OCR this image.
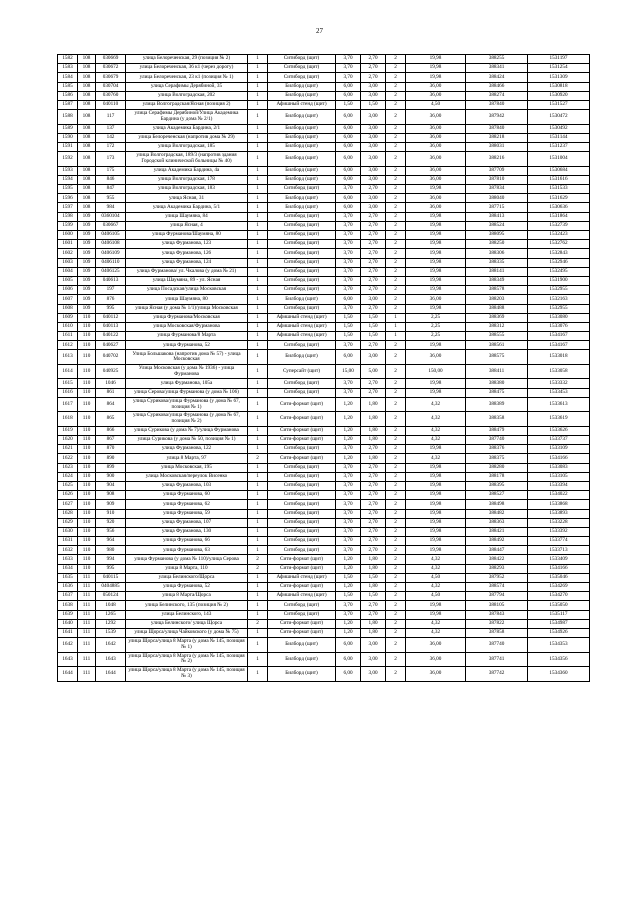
27
1582	108	030669	улица Белореченская, 29 (позиция № 2)	1	Ситиборд (щит)	3,70	2,70	2	19,98	388255	1531197
1583	108	030672	улица Белореченская, 36 к1 (через дорогу)	1	Ситиборд (щит)	3,70	2,70	2	19,98	388341	1531254
1584	108	030679	улица Белореченская, 23 к1 (позиция № 1)	1	Ситиборд (щит)	3,70	2,70	2	19,98	388424	1531309
1585	108	030704	улица Серафимы Дерябиной, 35	1	Билборд (щит)	6,00	3,00	2	36,00	388466	1530818
1586	108	030760	улица Волгоградская, 202	1	Билборд (щит)	6,00	3,00	2	36,00	388274	1530920
1587	108	040110	улица Волгоградская/Ясная (позиция 2)	1	Афишный стенд (щит)	1,50	1,50	2	4,50	387840	1531527
1588	108	117	улица Серафимы Дерябиной/Улица Академика Бардина (у дома № 2/1)	1	Билборд (щит)	6,00	3,00	2	36,00	387942	1530472
1589	108	137	улица Академика Бардина, 2/1	1	Билборд (щит)	6,00	3,00	2	36,00	387840	1530492
1590	108	142	улица Белореченская (напротив дома № 29)	1	Билборд (щит)	6,00	3,00	2	36,00	388218	1531144
1591	108	172	улица Волгоградская, 185	1	Билборд (щит)	6,00	3,00	2	36,00	388031	1531237
1592	108	173	улица Волгоградская, 189/3 (напротив здания Городской клинической больницы № 40)	1	Билборд (щит)	6,00	3,00	2	36,00	388216	1531004
1593	108	175	улица Академика Бардина, 4а	1	Билборд (щит)	6,00	3,00	2	36,00	387709	1530684
1594	108	846	улица Волгоградская, 178	1	Билборд (щит)	6,00	3,00	2	36,00	387810	1531616
1595	108	847	улица Волгоградская, 183	1	Ситиборд (щит)	3,70	2,70	2	19,98	387834	1531533
1596	108	955	улица Ясная, 31	1	Билборд (щит)	6,00	3,00	2	36,00	388040	1531629
1597	108	984	улица Академика Бардина, 5/1	1	Билборд (щит)	6,00	3,00	2	36,00	387715	1530636
1598	109	0360104	улица Шаумяна, 84	1	Ситиборд (щит)	3,70	2,70	2	19,98	388413	1531864
1599	109	030667	улица Ясная, 4	1	Ситиборд (щит)	3,70	2,70	2	19,98	388524	1532739
1600	109	0406105	улица Фурманова/Шаумяна, 80	1	Ситиборд (щит)	3,70	2,70	2	19,98	388095	1532423
1601	109	0406108	улица Фурманова, 123	1	Ситиборд (щит)	3,70	2,70	2	19,98	388250	1532762
1602	109	0406109	улица Фурманова, 126	1	Ситиборд (щит)	3,70	2,70	2	19,98	388306	1532843
1603	109	0406110	улица Фурманова, 124	1	Ситиборд (щит)	3,70	2,70	2	19,98	388335	1532946
1604	109	0406125	улица Фурманова/ ул. Чкалова (у дома № 21)	1	Ситиборд (щит)	3,70	2,70	2	19,98	388141	1532495
1605	109	040613	улица Шаумяна, 89 - ул. Ясная	1	Ситиборд (щит)	3,70	2,70	2	19,98	388349	1531900
1606	109	197	улица Посадская/улица Московская	1	Ситиборд (щит)	3,70	2,70	2	19,98	388578	1532955
1607	109	876	улица Шаумяна, 80	1	Билборд (щит)	6,00	3,00	2	36,00	388203	1532163
1608	109	995	улица Ясная (у дома № 1/1)/улица Московская	1	Ситиборд (щит)	3,70	2,70	2	19,98	388488	1532955
1609	110	040112	улица Фурманова/Московская	1	Афишный стенд (щит)	1,50	1,50	1	2,25	388369	1533080
1610	110	040113	улица Московская/Фурманова	1	Афишный стенд (щит)	1,50	1,50	1	2,25	388312	1533076
1611	110	040122	улица Фурманова/8 Марта	1	Афишный стенд (щит)	1,50	1,50	1	2,25	388555	1534167
1612	110	040627	улица Фурманова, 52	1	Ситиборд (щит)	3,70	2,70	2	19,98	388561	1534167
1613	110	040702	Улица Большакова (напротив дома № 57) - улица Московская	1	Билборд (щит)	6,00	3,00	2	36,00	388575	1533018
1614	110	040925	Улица Московская (у дома № 1936) - улица Фурманова	1	Суперсайт (щит)	15,00	5,00	2	150,00	388411	1533058
1615	110	1046	улица Фурманова, 105а	1	Ситиборд (щит)	3,70	2,70	2	19,98	388380	1533332
1616	110	861	улица Серова/улица Фурманова (у дома № 106)	1	Ситиборд (щит)	3,70	2,70	2	19,98	388475	1533453
1617	110	864	улица Сурикова/улица Фурманова (у дома № 67, позиция № 1)	1	Сити-формат (щит)	1,20	1,80	2	4,32	388389	1533613
1618	110	865	улица Сурикова/улица Фурманова (у дома № 67, позиция № 2)	1	Сити-формат (щит)	1,20	1,80	2	4,32	388358	1533619
1619	110	866	улица Сурикова (у дома № 7)/улица Фурманова	1	Сити-формат (щит)	1,20	1,80	2	4,32	388479	1533626
1620	110	867	улица Сурикова (у дома № 50, позиция № 1)	1	Сити-формат (щит)	1,20	1,80	2	4,32	387740	1533737
1621	110	870	улица Фурманова, 122	1	Ситиборд (щит)	3,70	2,70	2	19,98	388376	1533109
1622	110	890	улица 8 Марта, 97	2	Сити-формат (щит)	1,20	1,80	2	4,32	388375	1534166
1623	110	899	улица Московская, 195	1	Ситиборд (щит)	3,70	2,70	2	19,98	388280	1533083
1624	110	900	улица Московская/переулок Висенко	1	Ситиборд (щит)	3,70	2,70	2	19,98	388178	1533105
1625	110	904	улица Фурманова, 103	1	Ситиборд (щит)	3,70	2,70	2	19,98	388395	1533394
1626	110	908	улица Фурманова, 60	1	Ситиборд (щит)	3,70	2,70	2	19,98	388527	1534022
1627	110	909	улица Фурманова, 62	1	Ситиборд (щит)	3,70	2,70	2	19,98	388498	1533868
1628	110	910	улица Фурманова, 59	1	Ситиборд (щит)	3,70	2,70	2	19,98	388482	1533893
1629	110	920	улица Фурманова, 107	1	Ситиборд (щит)	3,70	2,70	2	19,98	388363	1533228
1630	110	956	улица Фурманова, 130	1	Ситиборд (щит)	3,70	2,70	2	19,98	388421	1533392
1631	110	964	улица Фурманова, 66	1	Ситиборд (щит)	3,70	2,70	2	19,98	388492	1533774
1632	110	980	улица Фурманова, 63	1	Ситиборд (щит)	3,70	2,70	2	19,98	388447	1533713
1633	110	994	улица Фурманова (у дома № 110)/улица Серова	2	Сити-формат (щит)	1,20	1,80	2	4,32	388422	1533409
1634	110	995	улица 8 Марта, 110	2	Сити-формат (щит)	1,20	1,80	2	4,32	388293	1534166
1635	111	040115	улица Белинского/Щорса	1	Афишный стенд (щит)	1,50	1,50	2	4,50	387952	1535046
1636	111	0404885	улица Фурманова, 52	1	Сити-формат (щит)	1,20	1,80	2	4,32	388574	1534269
1637	111	050124	улица 8 Марта/Щорса	1	Афишный стенд (щит)	1,50	1,50	2	4,50	387794	1534270
1638	111	1048	улица Белинского, 135 (позиция № 2)	1	Ситиборд (щит)	3,70	2,70	2	19,98	388105	1535050
1639	111	1265	улица Белинского, 143	1	Ситиборд (щит)	3,70	2,70	2	19,98	387843	1535117
1640	111	1292	улица Белинского/ улица Щорса	2	Сити-формат (щит)	1,20	1,80	2	4,32	387822	1534987
1641	111	1539	улица Щорса/улица Чайковского (у дома № 75)	1	Сити-формат (щит)	1,20	1,80	2	4,32	387858	1534926
1642	111	1642	улица Щорса/улица 8 Марта (у дома № 145, позиция № 1)	1	Билборд (щит)	6,00	3,00	2	36,00	387740	1534353
1643	111	1643	улица Щорса/улица 8 Марта (у дома № 145, позиция № 2)	1	Билборд (щит)	6,00	3,00	2	36,00	387741	1534356
1644	111	1644	улица Щорса/улица 8 Марта (у дома № 145, позиция № 3)	1	Билборд (щит)	6,00	3,00	2	36,00	387742	1534360
